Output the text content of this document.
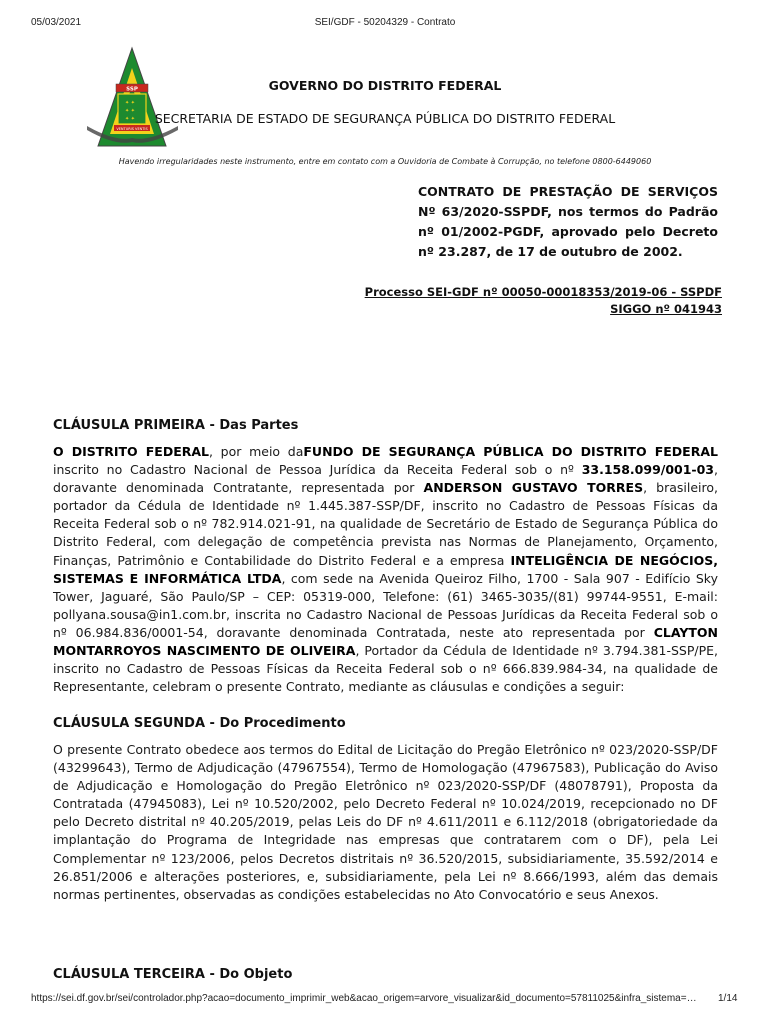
05/03/2021	SEI/GDF - 50204329 - Contrato
SSP
✦ ✦
✦ ✦
✦ ✦
VENTURIS VENTIS
GOVERNO DO DISTRITO FEDERAL
SECRETARIA DE ESTADO DE SEGURANÇA PÚBLICA DO DISTRITO FEDERAL
Havendo irregularidades neste instrumento, entre em contato com a Ouvidoria de Combate à Corrupção, no telefone 0800-6449060
CONTRATO DE PRESTAÇÃO DE SERVIÇOS Nº 63/2020-SSPDF, nos termos do Padrão nº 01/2002-PGDF, aprovado pelo Decreto nº 23.287, de 17 de outubro de 2002.
Processo SEI-GDF nº 00050-00018353/2019-06 - SSPDF
SIGGO nº 041943
CLÁUSULA PRIMEIRA - Das Partes
O DISTRITO FEDERAL, por meio daFUNDO DE SEGURANÇA PÚBLICA DO DISTRITO FEDERAL inscrito no Cadastro Nacional de Pessoa Jurídica da Receita Federal sob o nº 33.158.099/001-03, doravante denominada Contratante, representada por ANDERSON GUSTAVO TORRES, brasileiro, portador da Cédula de Identidade nº 1.445.387-SSP/DF, inscrito no Cadastro de Pessoas Físicas da Receita Federal sob o nº 782.914.021-91, na qualidade de Secretário de Estado de Segurança Pública do Distrito Federal, com delegação de competência prevista nas Normas de Planejamento, Orçamento, Finanças, Patrimônio e Contabilidade do Distrito Federal e a empresa INTELIGÊNCIA DE NEGÓCIOS, SISTEMAS E INFORMÁTICA LTDA, com sede na Avenida Queiroz Filho, 1700 - Sala 907 - Edifício Sky Tower, Jaguaré, São Paulo/SP – CEP: 05319-000, Telefone: (61) 3465-3035/(81) 99744-9551, E-mail: pollyana.sousa@in1.com.br, inscrita no Cadastro Nacional de Pessoas Jurídicas da Receita Federal sob o nº 06.984.836/0001-54, doravante denominada Contratada, neste ato representada por CLAYTON MONTARROYOS NASCIMENTO DE OLIVEIRA, Portador da Cédula de Identidade nº 3.794.381-SSP/PE, inscrito no Cadastro de Pessoas Físicas da Receita Federal sob o nº 666.839.984-34, na qualidade de Representante, celebram o presente Contrato, mediante as cláusulas e condições a seguir:
CLÁUSULA SEGUNDA - Do Procedimento
O presente Contrato obedece aos termos do Edital de Licitação do Pregão Eletrônico nº 023/2020-SSP/DF (43299643), Termo de Adjudicação (47967554), Termo de Homologação (47967583), Publicação do Aviso de Adjudicação e Homologação do Pregão Eletrônico nº 023/2020-SSP/DF (48078791), Proposta da Contratada (47945083), Lei nº 10.520/2002, pelo Decreto Federal nº 10.024/2019, recepcionado no DF pelo Decreto distrital nº 40.205/2019, pelas Leis do DF nº 4.611/2011 e 6.112/2018 (obrigatoriedade da implantação do Programa de Integridade nas empresas que contratarem com o DF), pela Lei Complementar nº 123/2006, pelos Decretos distritais nº 36.520/2015, subsidiariamente, 35.592/2014 e 26.851/2006 e alterações posteriores, e, subsidiariamente, pela Lei nº 8.666/1993, além das demais normas pertinentes, observadas as condições estabelecidas no Ato Convocatório e seus Anexos.
CLÁUSULA TERCEIRA - Do Objeto
https://sei.df.gov.br/sei/controlador.php?acao=documento_imprimir_web&acao_origem=arvore_visualizar&id_documento=57811025&infra_sistema=… 1/14
